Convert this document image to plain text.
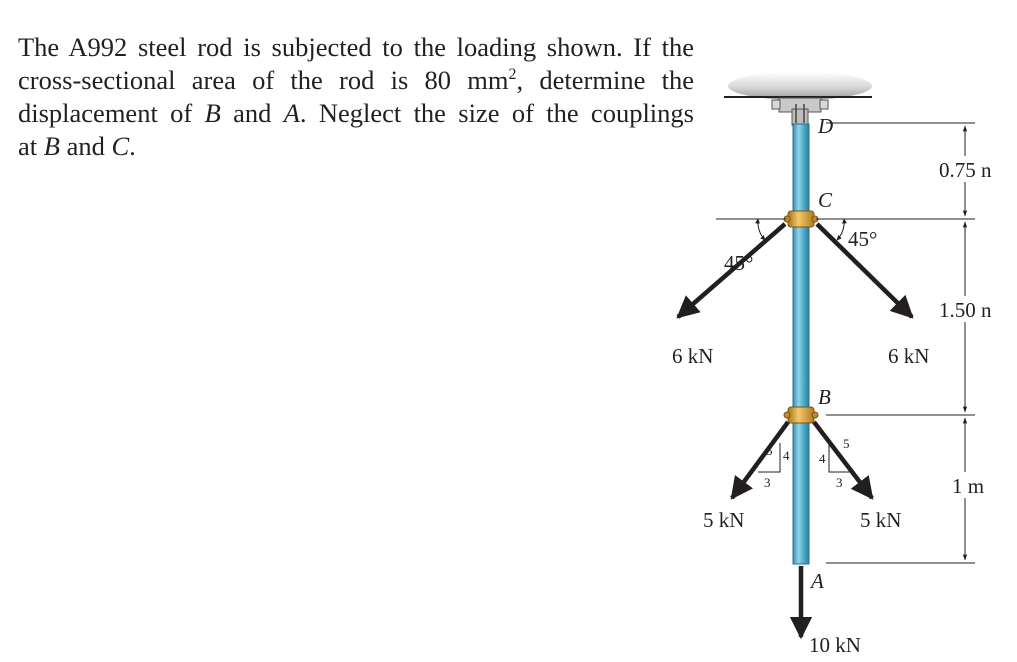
The A992 steel rod is subjected to the loading shown. If the
cross-sectional area of the rod is 80 $mm^2$, determine the
displacement of B and A. Neglect the size of the couplings
at B and C.
D
C
B
A
45°
45°
6 kN	6 kN
5 4
3
5
4
3
5 kN	5 kN
10 kN
0.75 n
1.50 n
1 m
